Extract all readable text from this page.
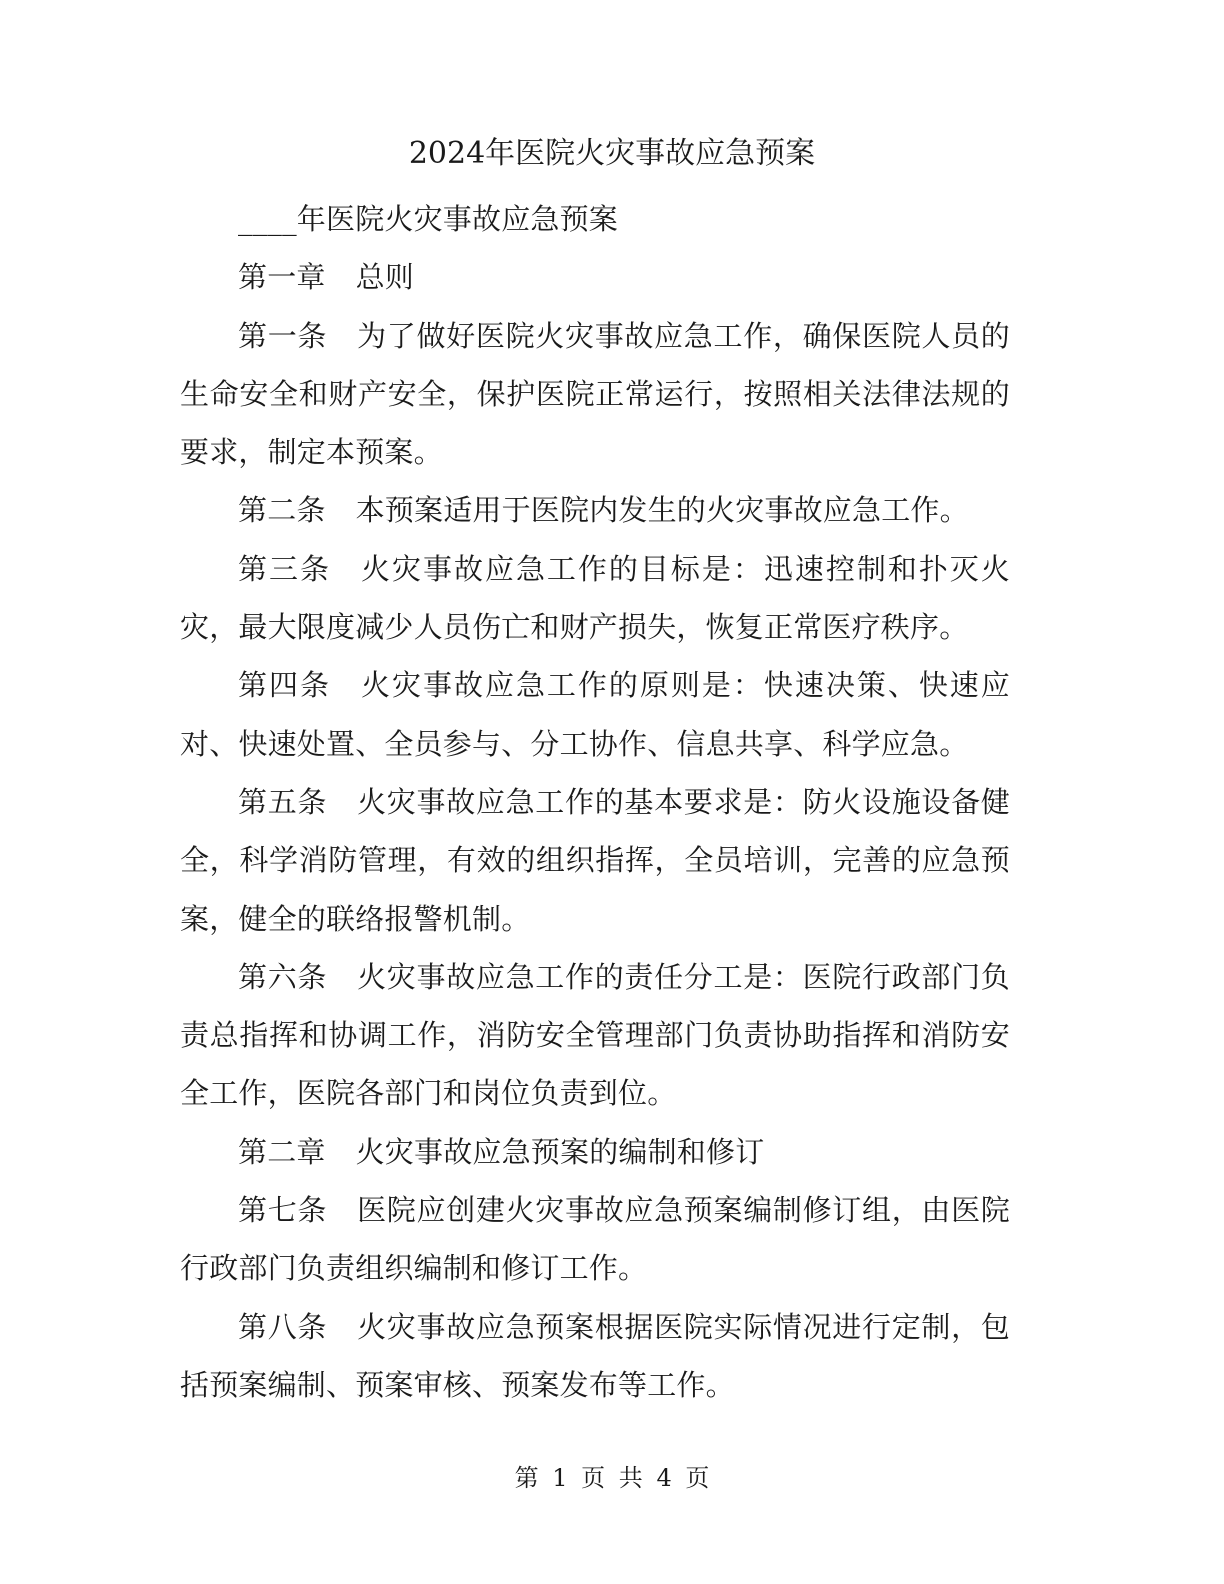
2024年医院火灾事故应急预案

____年医院火灾事故应急预案

第一章 总则

第一条 为了做好医院火灾事故应急工作，确保医院人员的生命安全和财产安全，保护医院正常运行，按照相关法律法规的要求，制定本预案。

第二条 本预案适用于医院内发生的火灾事故应急工作。

第三条 火灾事故应急工作的目标是：迅速控制和扑灭火灾，最大限度减少人员伤亡和财产损失，恢复正常医疗秩序。

第四条 火灾事故应急工作的原则是：快速决策、快速应对、快速处置、全员参与、分工协作、信息共享、科学应急。

第五条 火灾事故应急工作的基本要求是：防火设施设备健全，科学消防管理，有效的组织指挥，全员培训，完善的应急预案，健全的联络报警机制。

第六条 火灾事故应急工作的责任分工是：医院行政部门负责总指挥和协调工作，消防安全管理部门负责协助指挥和消防安全工作，医院各部门和岗位负责到位。

第二章 火灾事故应急预案的编制和修订

第七条 医院应创建火灾事故应急预案编制修订组，由医院行政部门负责组织编制和修订工作。

第八条 火灾事故应急预案根据医院实际情况进行定制，包括预案编制、预案审核、预案发布等工作。

第 1 页 共 4 页
